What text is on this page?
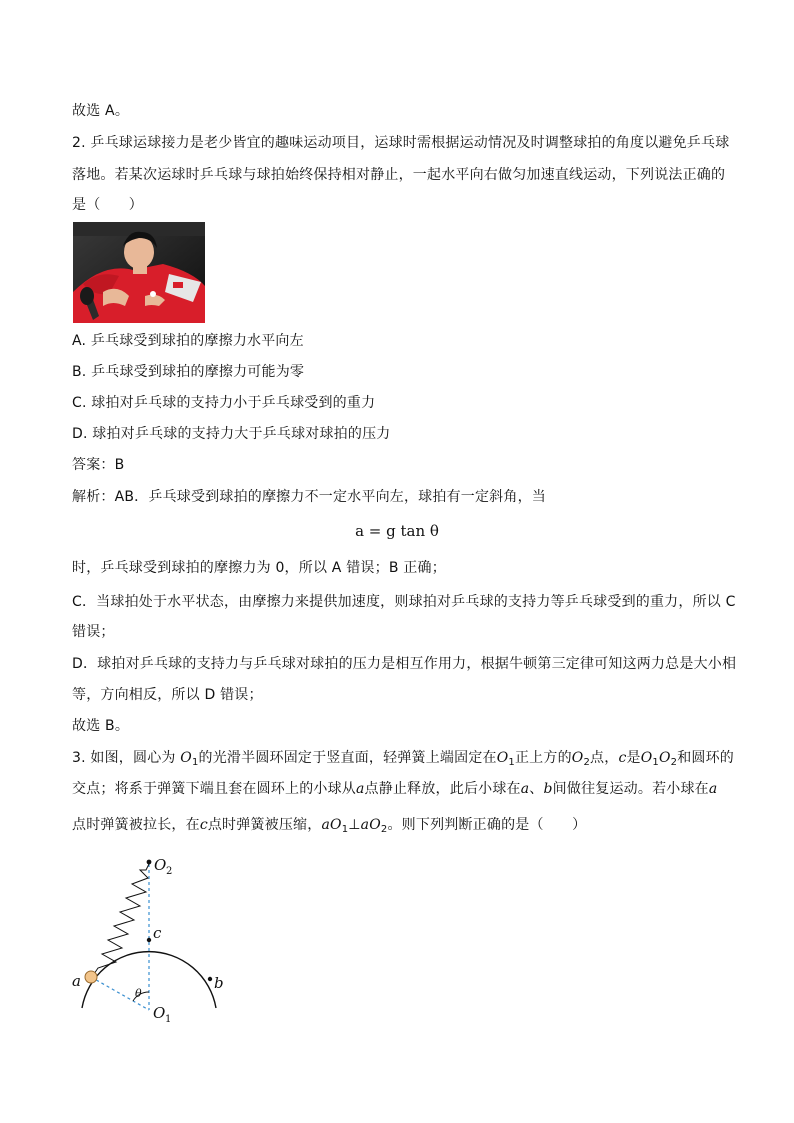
故选 A。
2. 乒乓球运球接力是老少皆宜的趣味运动项目，运球时需根据运动情况及时调整球拍的角度以避免乒乓球
落地。若某次运球时乒乓球与球拍始终保持相对静止，一起水平向右做匀加速直线运动，下列说法正确的
是（　　）
A. 乒乓球受到球拍的摩擦力水平向左
B. 乒乓球受到球拍的摩擦力可能为零
C. 球拍对乒乓球的支持力小于乒乓球受到的重力
D. 球拍对乒乓球的支持力大于乒乓球对球拍的压力
答案：B
解析：AB．乒乓球受到球拍的摩擦力不一定水平向左，球拍有一定斜角，当
a = g tan θ
时，乒乓球受到球拍的摩擦力为 0，所以 A 错误；B 正确；
C．当球拍处于水平状态，由摩擦力来提供加速度，则球拍对乒乓球的支持力等乒乓球受到的重力，所以 C
错误；
D．球拍对乒乓球的支持力与乒乓球对球拍的压力是相互作用力，根据牛顿第三定律可知这两力总是大小相
等，方向相反，所以 D 错误；
故选 B。
3. 如图，圆心为 $O_1$的光滑半圆环固定于竖直面，轻弹簧上端固定在$O_1$正上方的$O_2$点，c是$O_1O_2$和圆环的
交点；将系于弹簧下端且套在圆环上的小球从a点静止释放，此后小球在a、b间做往复运动。若小球在a
点时弹簧被拉长，在c点时弹簧被压缩，$aO_1\perp aO_2$。则下列判断正确的是（　　）
O 2
c
a	b
θ
O 1
